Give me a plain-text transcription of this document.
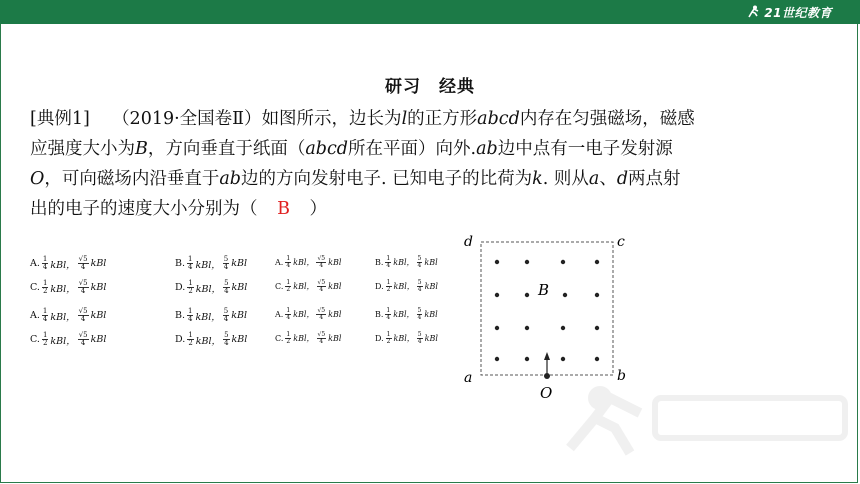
21世纪教育
研习　经典
[典例1] （2019·全国卷Ⅱ）如图所示，边长为l的正方形abcd内存在匀强磁场，磁感
应强度大小为B，方向垂直于纸面（abcd所在平面）向外.ab边中点有一电子发射源
O，可向磁场内沿垂直于ab边的方向发射电子. 已知电子的比荷为k. 则从a、d两点射
出的电子的速度大小分别为（ B ）
A. $\frac{1}{4}$ kBl， $\frac{√5}{4}$ kBl	B. $\frac{1}{4}$ kBl， $\frac{5}{4}$ kBl	A. $\frac{1}{4}$ kBl， $\frac{√5}{4}$ kBl	B. $\frac{1}{4}$ kBl， $\frac{5}{4}$ kBl
C. $\frac{1}{2}$ kBl， $\frac{√5}{4}$ kBl	D. $\frac{1}{2}$ kBl， $\frac{5}{4}$ kBl	C. $\frac{1}{2}$ kBl， $\frac{√5}{4}$ kBl	D. $\frac{1}{2}$ kBl， $\frac{5}{4}$ kBl
A. $\frac{1}{4}$ kBl， $\frac{√5}{4}$ kBl	B. $\frac{1}{4}$ kBl， $\frac{5}{4}$ kBl	A. $\frac{1}{4}$ kBl， $\frac{√5}{4}$ kBl	B. $\frac{1}{4}$ kBl， $\frac{5}{4}$ kBl
C. $\frac{1}{2}$ kBl， $\frac{√5}{4}$ kBl	D. $\frac{1}{2}$ kBl， $\frac{5}{4}$ kBl	C. $\frac{1}{2}$ kBl， $\frac{√5}{4}$ kBl	D. $\frac{1}{2}$ kBl， $\frac{5}{4}$ kBl
d	c
a	b
B
O
